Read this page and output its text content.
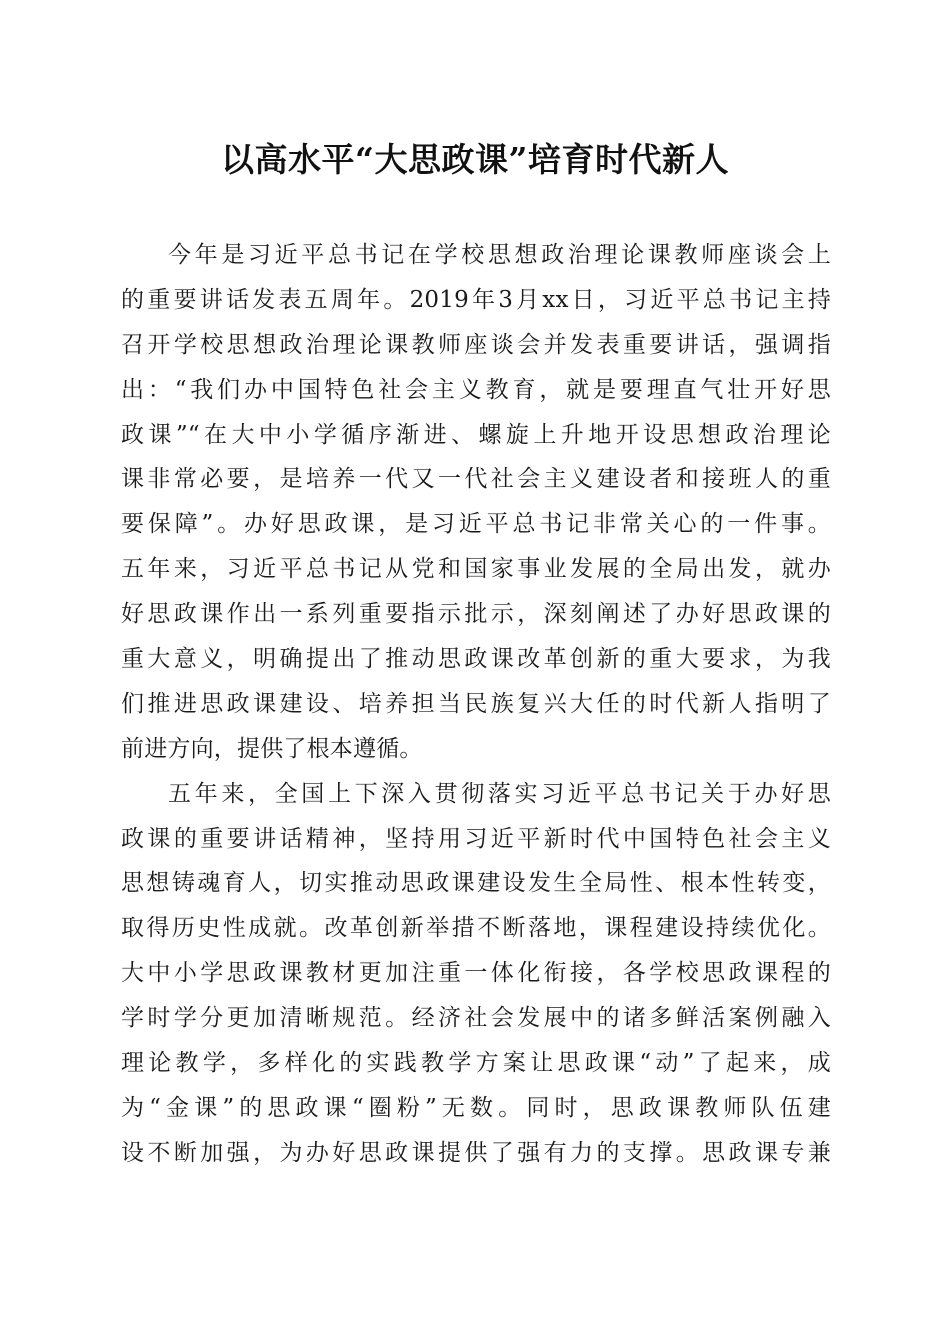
以高水平“大思政课”培育时代新人
今年是习近平总书记在学校思想政治理论课教师座谈会上
的重要讲话发表五周年。2019年3月xx日，习近平总书记主持
召开学校思想政治理论课教师座谈会并发表重要讲话，强调指
出：“我们办中国特色社会主义教育，就是要理直气壮开好思
政课”“在大中小学循序渐进、螺旋上升地开设思想政治理论
课非常必要，是培养一代又一代社会主义建设者和接班人的重
要保障”。办好思政课，是习近平总书记非常关心的一件事。
五年来，习近平总书记从党和国家事业发展的全局出发，就办
好思政课作出一系列重要指示批示，深刻阐述了办好思政课的
重大意义，明确提出了推动思政课改革创新的重大要求，为我
们推进思政课建设、培养担当民族复兴大任的时代新人指明了
前进方向，提供了根本遵循。
五年来，全国上下深入贯彻落实习近平总书记关于办好思
政课的重要讲话精神，坚持用习近平新时代中国特色社会主义
思想铸魂育人，切实推动思政课建设发生全局性、根本性转变，
取得历史性成就。改革创新举措不断落地，课程建设持续优化。
大中小学思政课教材更加注重一体化衔接，各学校思政课程的
学时学分更加清晰规范。经济社会发展中的诸多鲜活案例融入
理论教学，多样化的实践教学方案让思政课“动”了起来，成
为“金课”的思政课“圈粉”无数。同时，思政课教师队伍建
设不断加强，为办好思政课提供了强有力的支撑。思政课专兼
